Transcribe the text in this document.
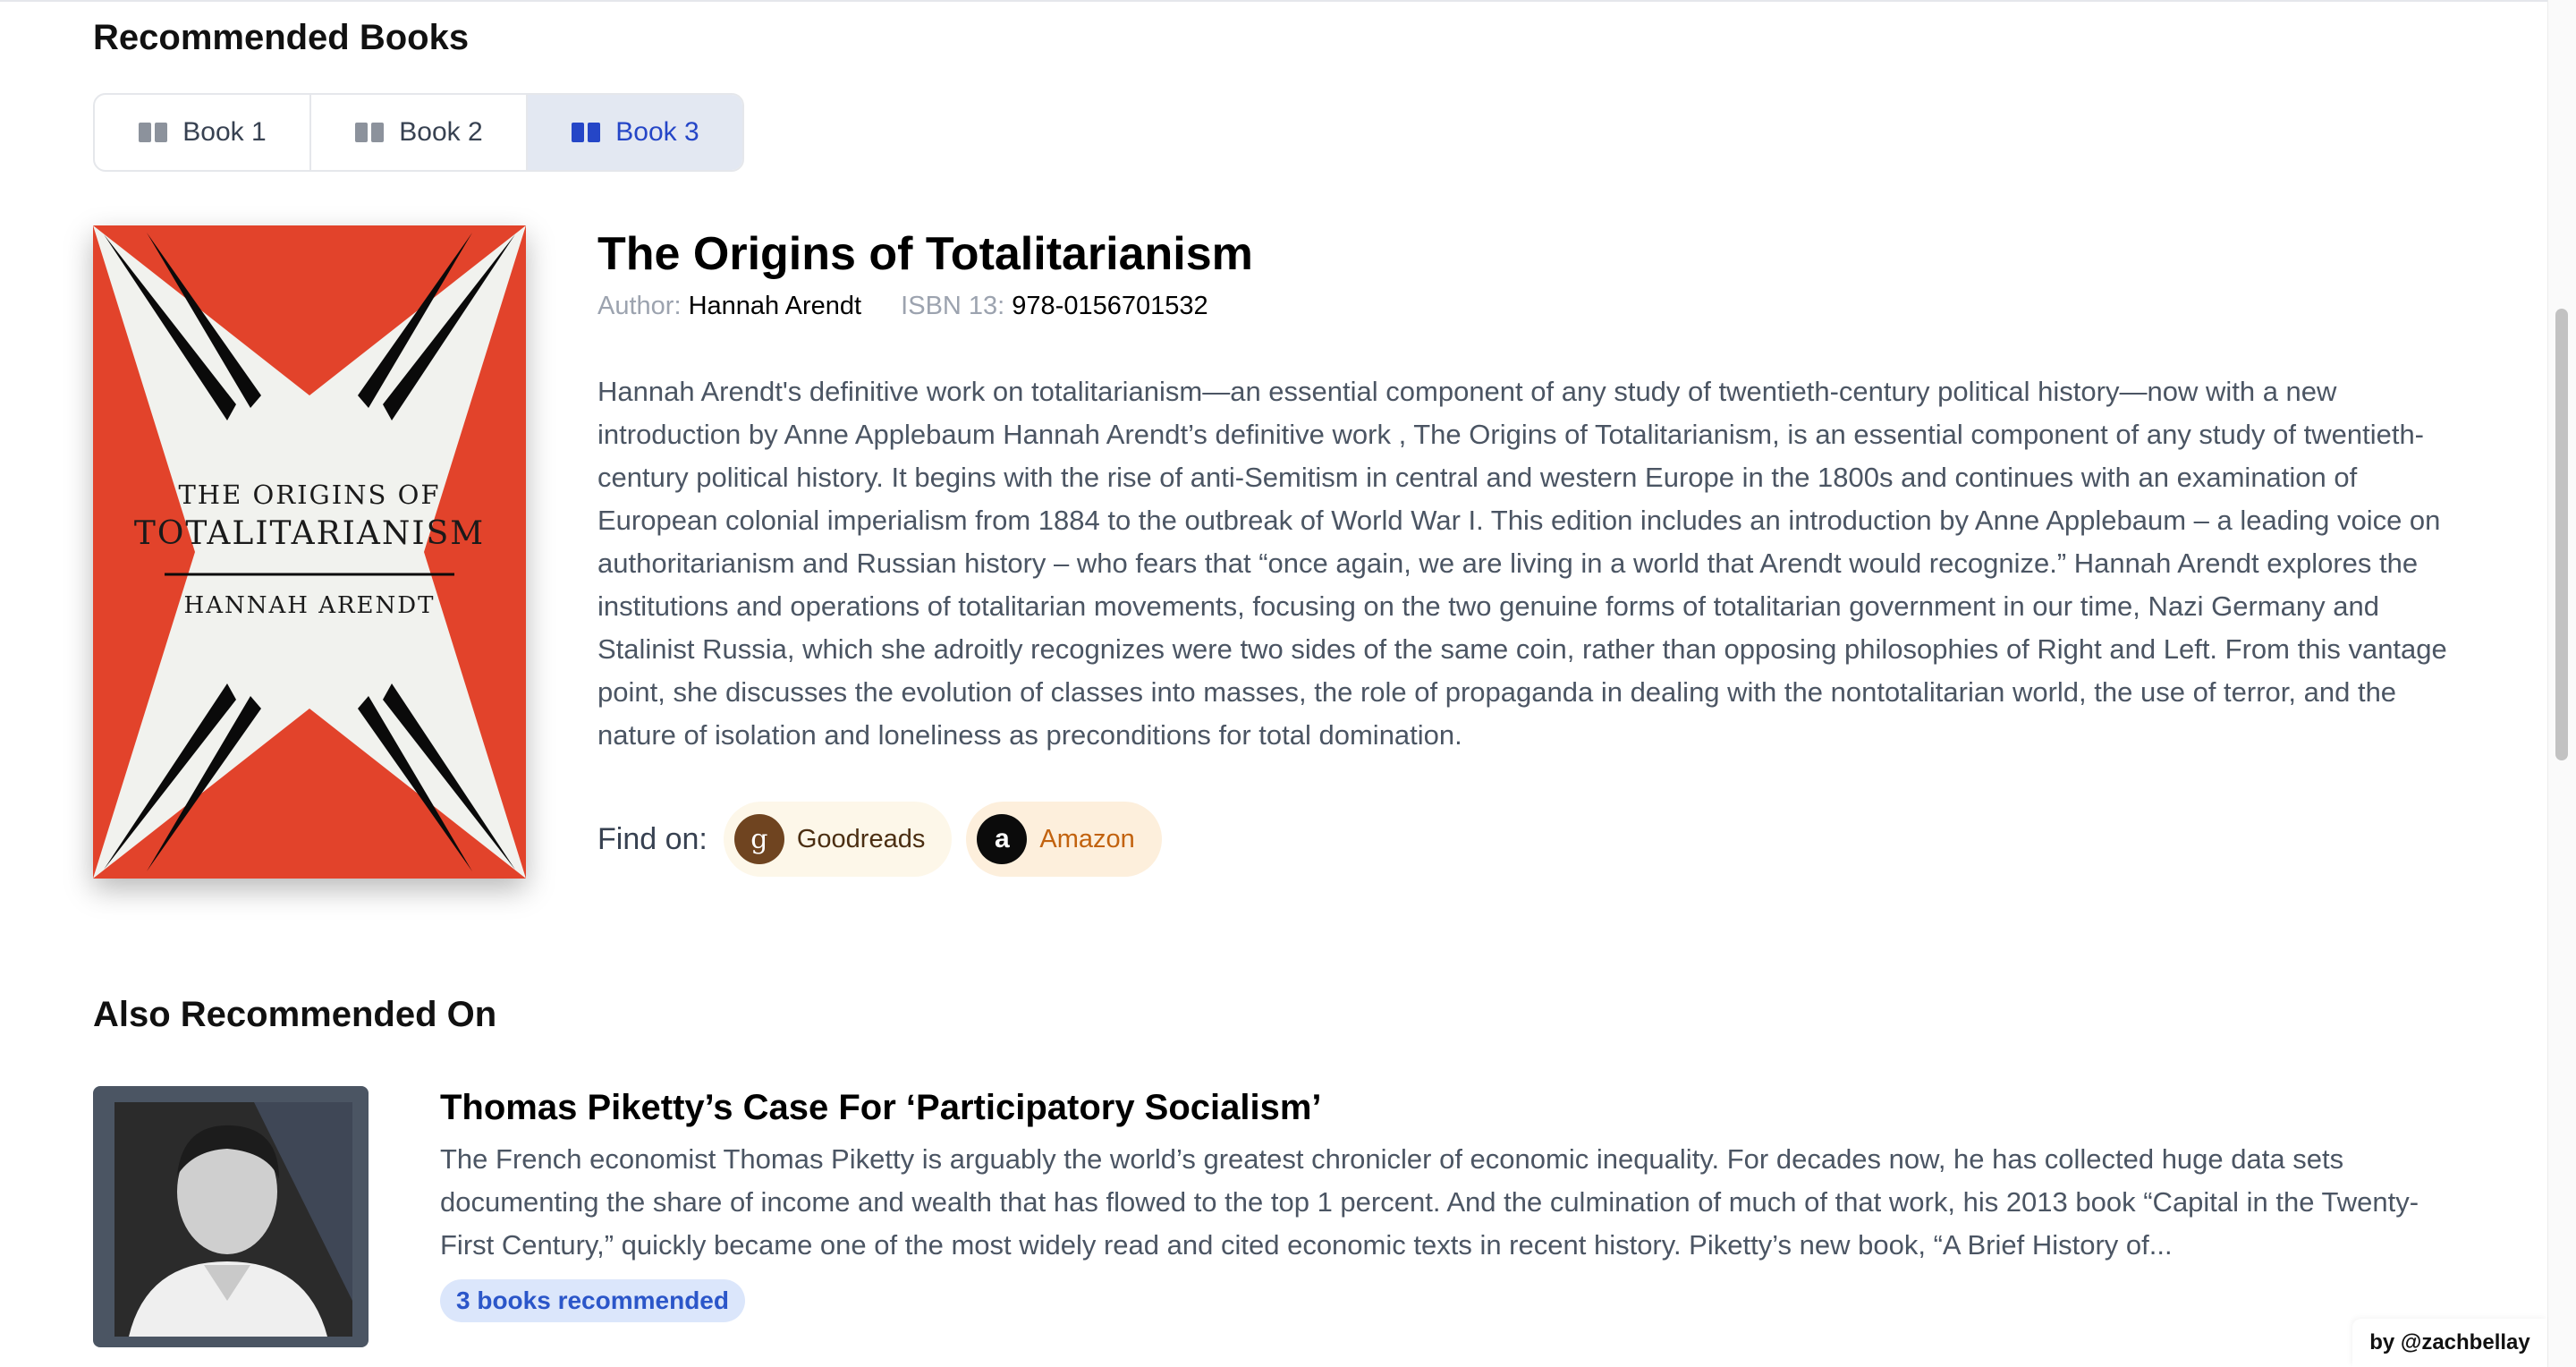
Recommended Books
Book 1	Book 2	Book 3
THE ORIGINS OF
TOTALITARIANISM
HANNAH ARENDT
The Origins of Totalitarianism
Author: Hannah Arendt ISBN 13: 978-0156701532
Hannah Arendt's definitive work on totalitarianism—an essential component of any study of twentieth-century political history—now with a new introduction by Anne Applebaum Hannah Arendt’s definitive work , The Origins of Totalitarianism, is an essential component of any study of twentieth-century political history. It begins with the rise of anti-Semitism in central and western Europe in the 1800s and continues with an examination of European colonial imperialism from 1884 to the outbreak of World War I. This edition includes an introduction by Anne Applebaum – a leading voice on authoritarianism and Russian history – who fears that “once again, we are living in a world that Arendt would recognize.” Hannah Arendt explores the institutions and operations of totalitarian movements, focusing on the two genuine forms of totalitarian government in our time, Nazi Germany and Stalinist Russia, which she adroitly recognizes were two sides of the same coin, rather than opposing philosophies of Right and Left. From this vantage point, she discusses the evolution of classes into masses, the role of propaganda in dealing with the nontotalitarian world, the use of terror, and the nature of isolation and loneliness as preconditions for total domination.
Find on:	g	Goodreads	a	Amazon
Also Recommended On
Thomas Piketty’s Case For ‘Participatory Socialism’
The French economist Thomas Piketty is arguably the world’s greatest chronicler of economic inequality. For decades now, he has collected huge data sets documenting the share of income and wealth that has flowed to the top 1 percent. And the culmination of much of that work, his 2013 book “Capital in the Twenty-First Century,” quickly became one of the most widely read and cited economic texts in recent history. Piketty’s new book, “A Brief History of...
3 books recommended
by @zachbellay
